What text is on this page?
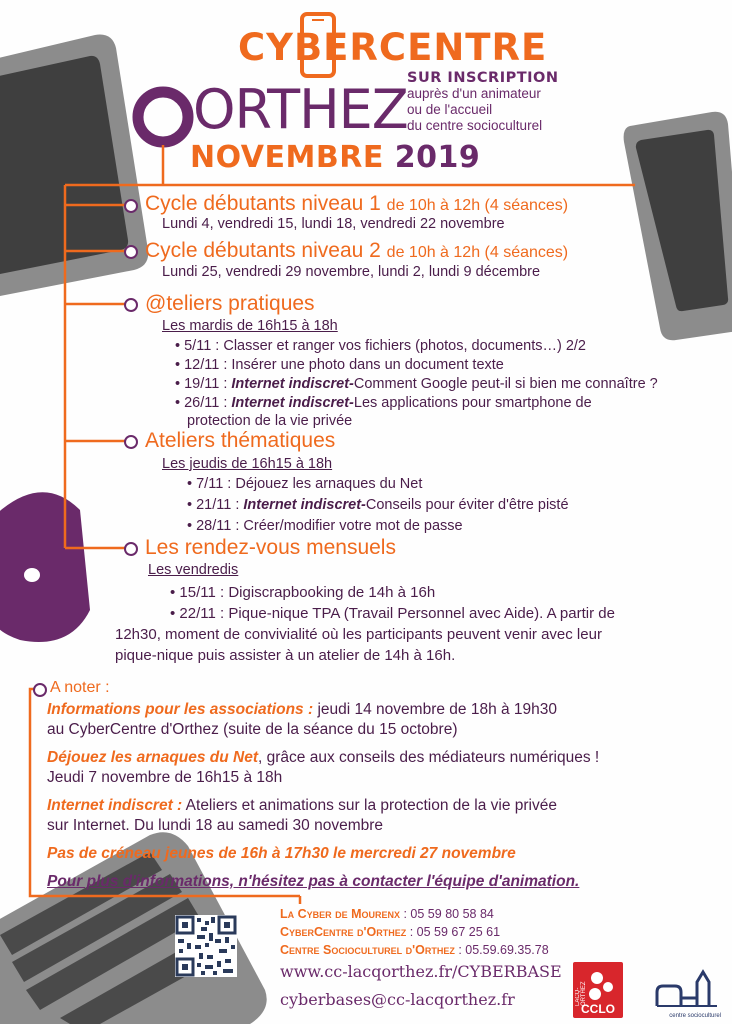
CYBERCENTRE
ORTHEZ SUR INSCRIPTION
auprès d'un animateur
ou de l'accueil
du centre socioculturel
NOVEMBRE 2019
Cycle débutants niveau 1 de 10h à 12h (4 séances)
Lundi 4, vendredi 15, lundi 18, vendredi 22 novembre
Cycle débutants niveau 2 de 10h à 12h (4 séances)
Lundi 25, vendredi 29 novembre, lundi 2, lundi 9 décembre
@teliers pratiques
Les mardis de 16h15 à 18h
• 5/11 : Classer et ranger vos fichiers (photos, documents…) 2/2
• 12/11 : Insérer une photo dans un document texte
• 19/11 : Internet indiscret-Comment Google peut-il si bien me connaître ?
• 26/11 : Internet indiscret-Les applications pour smartphone de
protection de la vie privée
Ateliers thématiques
Les jeudis de 16h15 à 18h
• 7/11 : Déjouez les arnaques du Net
• 21/11 : Internet indiscret-Conseils pour éviter d'être pisté
• 28/11 : Créer/modifier votre mot de passe
Les rendez-vous mensuels
Les vendredis
• 15/11 : Digiscrapbooking de 14h à 16h
• 22/11 : Pique-nique TPA (Travail Personnel avec Aide). A partir de
12h30, moment de convivialité où les participants peuvent venir avec leur
pique-nique puis assister à un atelier de 14h à 16h.
A noter :
Informations pour les associations : jeudi 14 novembre de 18h à 19h30
au CyberCentre d'Orthez (suite de la séance du 15 octobre)
Déjouez les arnaques du Net, grâce aux conseils des médiateurs numériques !
Jeudi 7 novembre de 16h15 à 18h
Internet indiscret : Ateliers et animations sur la protection de la vie privée
sur Internet. Du lundi 18 au samedi 30 novembre
Pas de créneau jeunes de 16h à 17h30 le mercredi 27 novembre
Pour plus d'informations, n'hésitez pas à contacter l'équipe d'animation.
La Cyber de Mourenx : 05 59 80 58 84
CyberCentre d'Orthez : 05 59 67 25 61
Centre Socioculturel d'Orthez : 05.59.69.35.78
www.cc-lacqorthez.fr/CYBERBASE
cyberbases@cc-lacqorthez.fr	LACQ-ORTHEZ
CCLO	centre socioculturel
